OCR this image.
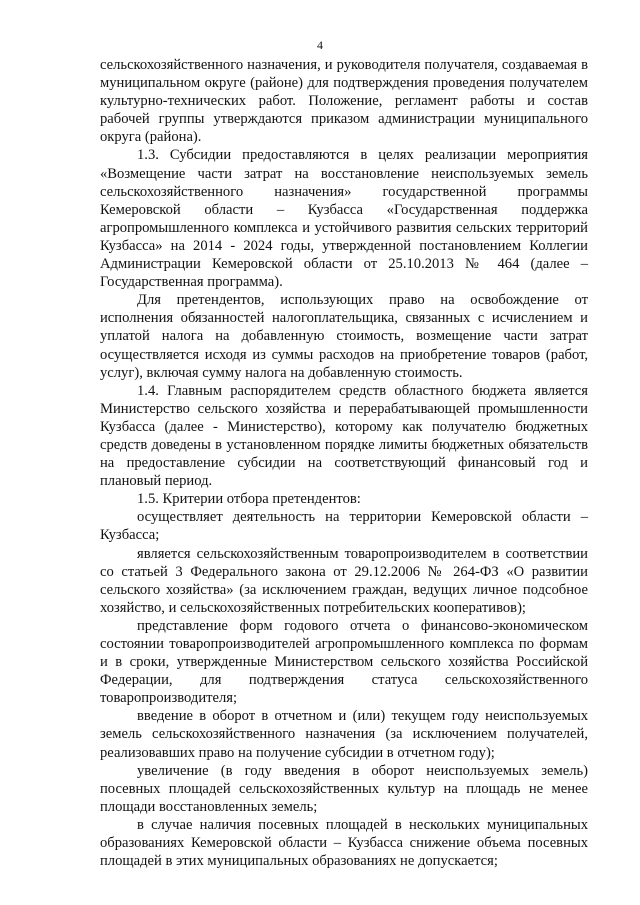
4

сельскохозяйственного назначения, и руководителя получателя, создаваемая в муниципальном округе (районе) для подтверждения проведения получателем культурно-технических работ. Положение, регламент работы и состав рабочей группы утверждаются приказом администрации муниципального округа (района).

1.3. Субсидии предоставляются в целях реализации мероприятия «Возмещение части затрат на восстановление неиспользуемых земель сельскохозяйственного назначения» государственной программы Кемеровской области – Кузбасса «Государственная поддержка агропромышленного комплекса и устойчивого развития сельских территорий Кузбасса» на 2014 - 2024 годы, утвержденной постановлением Коллегии Администрации Кемеровской области от 25.10.2013 № 464 (далее – Государственная программа).

Для претендентов, использующих право на освобождение от исполнения обязанностей налогоплательщика, связанных с исчислением и уплатой налога на добавленную стоимость, возмещение части затрат осуществляется исходя из суммы расходов на приобретение товаров (работ, услуг), включая сумму налога на добавленную стоимость.

1.4. Главным распорядителем средств областного бюджета является Министерство сельского хозяйства и перерабатывающей промышленности Кузбасса (далее - Министерство), которому как получателю бюджетных средств доведены в установленном порядке лимиты бюджетных обязательств на предоставление субсидии на соответствующий финансовый год и плановый период.

1.5. Критерии отбора претендентов:

осуществляет деятельность на территории Кемеровской области – Кузбасса;

является сельскохозяйственным товаропроизводителем в соответствии со статьей 3 Федерального закона от 29.12.2006 № 264-ФЗ «О развитии сельского хозяйства» (за исключением граждан, ведущих личное подсобное хозяйство, и сельскохозяйственных потребительских кооперативов);

представление форм годового отчета о финансово-экономическом состоянии товаропроизводителей агропромышленного комплекса по формам и в сроки, утвержденные Министерством сельского хозяйства Российской Федерации, для подтверждения статуса сельскохозяйственного товаропроизводителя;

введение в оборот в отчетном и (или) текущем году неиспользуемых земель сельскохозяйственного назначения (за исключением получателей, реализовавших право на получение субсидии в отчетном году);

увеличение (в году введения в оборот неиспользуемых земель) посевных площадей сельскохозяйственных культур на площадь не менее площади восстановленных земель;

в случае наличия посевных площадей в нескольких муниципальных образованиях Кемеровской области – Кузбасса снижение объема посевных площадей в этих муниципальных образованиях не допускается;
